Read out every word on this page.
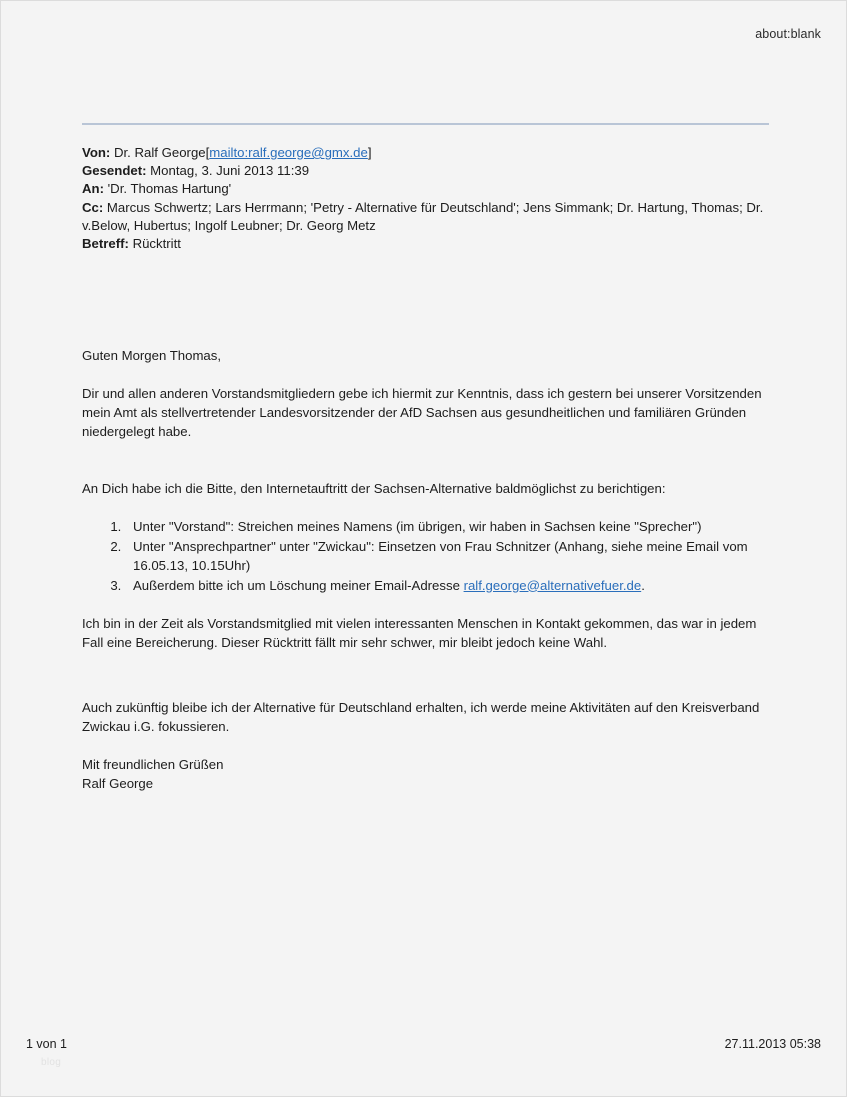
about:blank
Von: Dr. Ralf George[mailto:ralf.george@gmx.de]
Gesendet: Montag, 3. Juni 2013 11:39
An: 'Dr. Thomas Hartung'
Cc: Marcus Schwertz; Lars Herrmann; 'Petry - Alternative für Deutschland'; Jens Simmank; Dr. Hartung, Thomas; Dr. v.Below, Hubertus; Ingolf Leubner; Dr. Georg Metz
Betreff: Rücktritt

Guten Morgen Thomas,

Dir und allen anderen Vorstandsmitgliedern gebe ich hiermit zur Kenntnis, dass ich gestern bei unserer Vorsitzenden mein Amt als stellvertretender Landesvorsitzender der AfD Sachsen aus gesundheitlichen und familiären Gründen niedergelegt habe.

An Dich habe ich die Bitte, den Internetauftritt der Sachsen-Alternative baldmöglichst zu berichtigen:

1. Unter "Vorstand": Streichen meines Namens (im übrigen, wir haben in Sachsen keine "Sprecher")
2. Unter "Ansprechpartner" unter "Zwickau": Einsetzen von Frau Schnitzer (Anhang, siehe meine Email vom 16.05.13, 10.15Uhr)
3. Außerdem bitte ich um Löschung meiner Email-Adresse ralf.george@alternativefuer.de.

Ich bin in der Zeit als Vorstandsmitglied mit vielen interessanten Menschen in Kontakt gekommen, das war in jedem Fall eine Bereicherung. Dieser Rücktritt fällt mir sehr schwer, mir bleibt jedoch keine Wahl.

Auch zukünftig bleibe ich der Alternative für Deutschland erhalten, ich werde meine Aktivitäten auf den Kreisverband Zwickau i.G. fokussieren.

Mit freundlichen Grüßen

Ralf George

1 von 1
blog
27.11.2013 05:38
